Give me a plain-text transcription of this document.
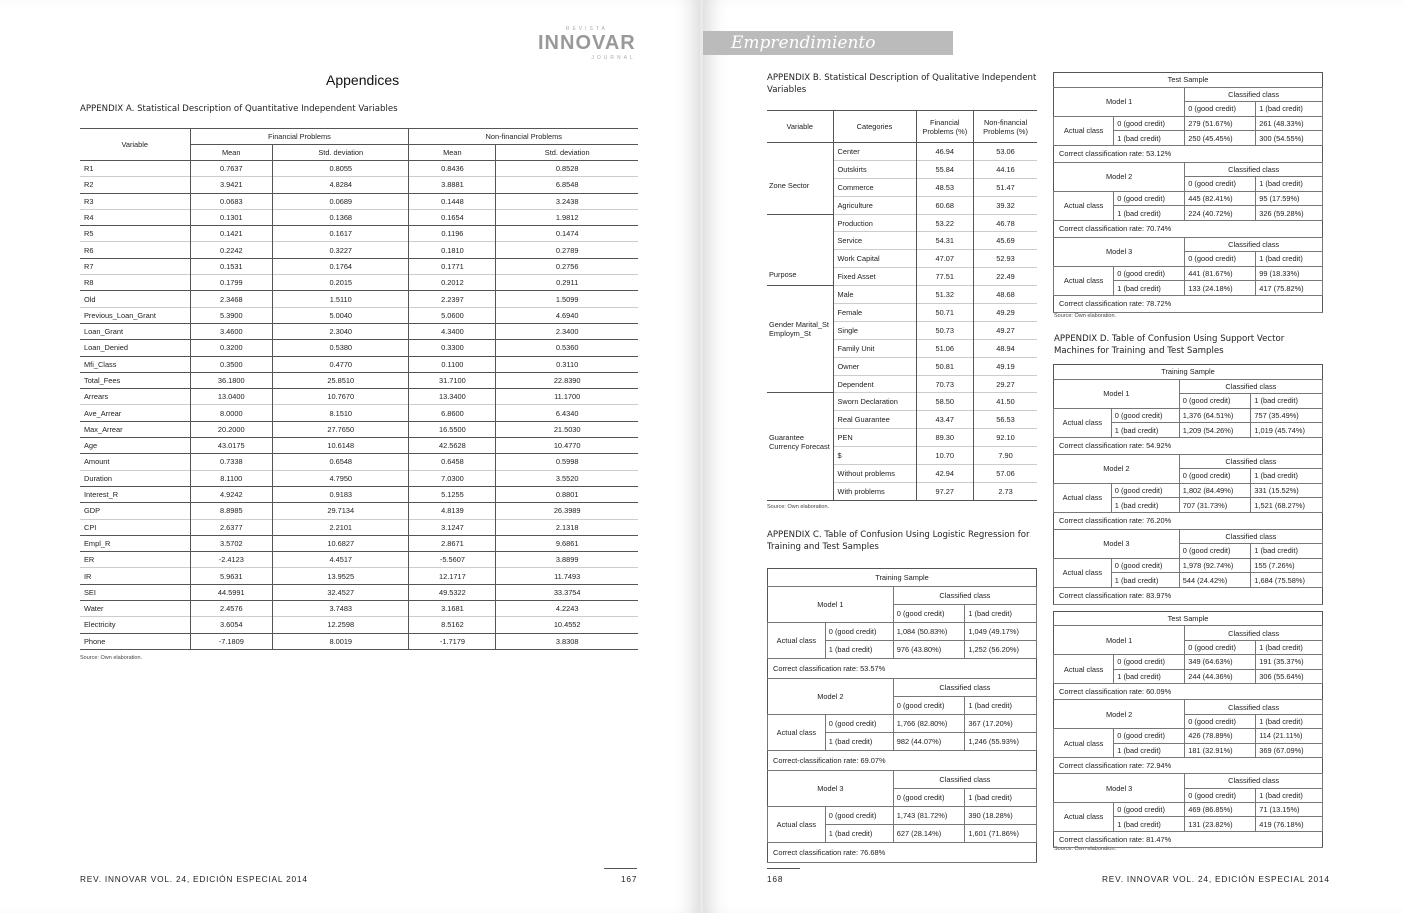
REVISTA
INNOVAR
JOURNAL
Appendices
APPENDIX A. Statistical Description of Quantitative Independent Variables
Variable	Financial Problems		Non-financial Problems	
	Mean	Std. deviation	Mean	Std. deviation
R1	0.7637	0.8055	0.8436	0.8528
R2	3.9421	4.8284	3.8881	6.8548
R3	0.0683	0.0689	0.1448	3.2438
R4	0.1301	0.1368	0.1654	1.9812
R5	0.1421	0.1617	0.1196	0.1474
R6	0.2242	0.3227	0.1810	0.2789
R7	0.1531	0.1764	0.1771	0.2756
R8	0.1799	0.2015	0.2012	0.2911
Old	2.3468	1.5110	2.2397	1.5099
Previous_Loan_Grant	5.3900	5.0040	5.0600	4.6940
Loan_Grant	3.4600	2.3040	4.3400	2.3400
Loan_Denied	0.3200	0.5380	0.3300	0.5360
Mfi_Class	0.3500	0.4770	0.1100	0.3110
Total_Fees	36.1800	25.8510	31.7100	22.8390
Arrears	13.0400	10.7670	13.3400	11.1700
Ave_Arrear	8.0000	8.1510	6.8600	6.4340
Max_Arrear	20.2000	27.7650	16.5500	21.5030
Age	43.0175	10.6148	42.5628	10.4770
Amount	0.7338	0.6548	0.6458	0.5998
Duration	8.1100	4.7950	7.0300	3.5520
Interest_R	4.9242	0.9183	5.1255	0.8801
GDP	8.8985	29.7134	4.8139	26.3989
CPI	2.6377	2.2101	3.1247	2.1318
Empl_R	3.5702	10.6827	2.8671	9.6861
ER	-2.4123	4.4517	-5.5607	3.8899
IR	5.9631	13.9525	12.1717	11.7493
SEI	44.5991	32.4527	49.5322	33.3754
Water	2.4576	3.7483	3.1681	4.2243
Electricity	3.6054	12.2598	8.5162	10.4552
Phone	-7.1809	8.0019	-1.7179	3.8308
Source: Own elaboration.
REV. INNOVAR VOL. 24, EDICIÓN ESPECIAL 2014	167
Emprendimiento
APPENDIX B. Statistical Description of Qualitative Independent Variables
APPENDIX C. Table of Confusion Using Logistic Regression for Training and Test Samples
Source: Own elaboration.
Source: Own elaboration.
APPENDIX D. Table of Confusion Using Support Vector Machines for Training and Test Samples
Source: Own elaboration.
168	REV. INNOVAR VOL. 24, EDICIÓN ESPECIAL 2014
Variable	Categories	Financial Problems (%)	Non-financial Problems (%)
Zone Sector	Center	46.94	53.06
	Outskirts	55.84	44.16
	Commerce	48.53	51.47
	Agriculture	60.68	39.32
Purpose	Production	53.22	46.78
	Service	54.31	45.69
	Work Capital	47.07	52.93
	Fixed Asset	77.51	22.49
Gender Marital_St Employm_St	Male	51.32	48.68
	Female	50.71	49.29
	Single	50.73	49.27
	Family Unit	51.06	48.94
	Owner	50.81	49.19
	Dependent	70.73	29.27
Guarantee Currency Forecast	Sworn Declaration	58.50	41.50
	Real Guarantee	43.47	56.53
	PEN	89.30	92.10
	$	10.70	7.90
	Without problems	42.94	57.06
	With problems	97.27	2.73
Training Sample			
Model 1		Classified class	
		0 (good credit)	1 (bad credit)
Actual class	0 (good credit)	1,084 (50.83%)	1,049 (49.17%)
	1 (bad credit)	976 (43.80%)	1,252 (56.20%)
Correct classification rate: 53.57%			
Model 2		Classified class	
		0 (good credit)	1 (bad credit)
Actual class	0 (good credit)	1,766 (82.80%)	367 (17.20%)
	1 (bad credit)	982 (44.07%)	1,246 (55.93%)
Correct-classification rate: 69.07%			
Model 3		Classified class	
		0 (good credit)	1 (bad credit)
Actual class	0 (good credit)	1,743 (81.72%)	390 (18.28%)
	1 (bad credit)	627 (28.14%)	1,601 (71.86%)
Correct classification rate: 76.68%			
Test Sample			
Model 1		Classified class	
		0 (good credit)	1 (bad credit)
Actual class	0 (good credit)	279 (51.67%)	261 (48.33%)
	1 (bad credit)	250 (45.45%)	300 (54.55%)
Correct classification rate: 53.12%			
Model 2		Classified class	
		0 (good credit)	1 (bad credit)
Actual class	0 (good credit)	445 (82.41%)	95 (17.59%)
	1 (bad credit)	224 (40.72%)	326 (59.28%)
Correct classification rate: 70.74%			
Model 3		Classified class	
		0 (good credit)	1 (bad credit)
Actual class	0 (good credit)	441 (81.67%)	99 (18.33%)
	1 (bad credit)	133 (24.18%)	417 (75.82%)
Correct classification rate: 78.72%			
Training Sample			
Model 1		Classified class	
		0 (good credit)	1 (bad credit)
Actual class	0 (good credit)	1,376 (64.51%)	757 (35.49%)
	1 (bad credit)	1,209 (54.26%)	1,019 (45.74%)
Correct classification rate: 54.92%			
Model 2		Classified class	
		0 (good credit)	1 (bad credit)
Actual class	0 (good credit)	1,802 (84.49%)	331 (15.52%)
	1 (bad credit)	707 (31.73%)	1,521 (68.27%)
Correct classification rate: 76.20%			
Model 3		Classified class	
		0 (good credit)	1 (bad credit)
Actual class	0 (good credit)	1,978 (92.74%)	155 (7.26%)
	1 (bad credit)	544 (24.42%)	1,684 (75.58%)
Correct classification rate: 83.97%			
Test Sample			
Model 1		Classified class	
		0 (good credit)	1 (bad credit)
Actual class	0 (good credit)	349 (64.63%)	191 (35.37%)
	1 (bad credit)	244 (44.36%)	306 (55.64%)
Correct classification rate: 60.09%			
Model 2		Classified class	
		0 (good credit)	1 (bad credit)
Actual class	0 (good credit)	426 (78.89%)	114 (21.11%)
	1 (bad credit)	181 (32.91%)	369 (67.09%)
Correct classification rate: 72.94%			
Model 3		Classified class	
		0 (good credit)	1 (bad credit)
Actual class	0 (good credit)	469 (86.85%)	71 (13.15%)
	1 (bad credit)	131 (23.82%)	419 (76.18%)
Correct classification rate: 81.47%			
